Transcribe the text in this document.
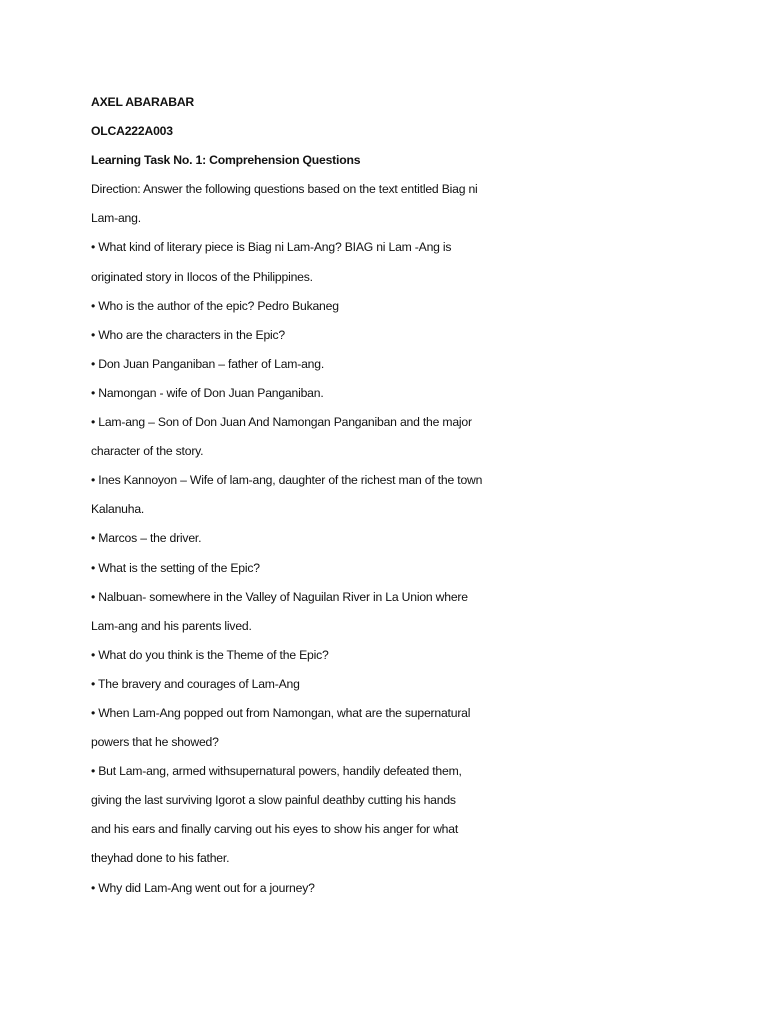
AXEL ABARABAR
OLCA222A003
Learning Task No. 1: Comprehension Questions
Direction: Answer the following questions based on the text entitled Biag ni
Lam-ang.
• What kind of literary piece is Biag ni Lam-Ang? BIAG ni Lam -Ang is
originated story in Ilocos of the Philippines.
• Who is the author of the epic? Pedro Bukaneg
• Who are the characters in the Epic?
• Don Juan Panganiban – father of Lam-ang.
• Namongan - wife of Don Juan Panganiban.
• Lam-ang – Son of Don Juan And Namongan Panganiban and the major
character of the story.
• Ines Kannoyon – Wife of lam-ang, daughter of the richest man of the town
Kalanuha.
• Marcos – the driver.
• What is the setting of the Epic?
• Nalbuan- somewhere in the Valley of Naguilan River in La Union where
Lam-ang and his parents lived.
• What do you think is the Theme of the Epic?
• The bravery and courages of Lam-Ang
• When Lam-Ang popped out from Namongan, what are the supernatural
powers that he showed?
• But Lam-ang, armed withsupernatural powers, handily defeated them,
giving the last surviving Igorot a slow painful deathby cutting his hands
and his ears and finally carving out his eyes to show his anger for what
theyhad done to his father.
• Why did Lam-Ang went out for a journey?
